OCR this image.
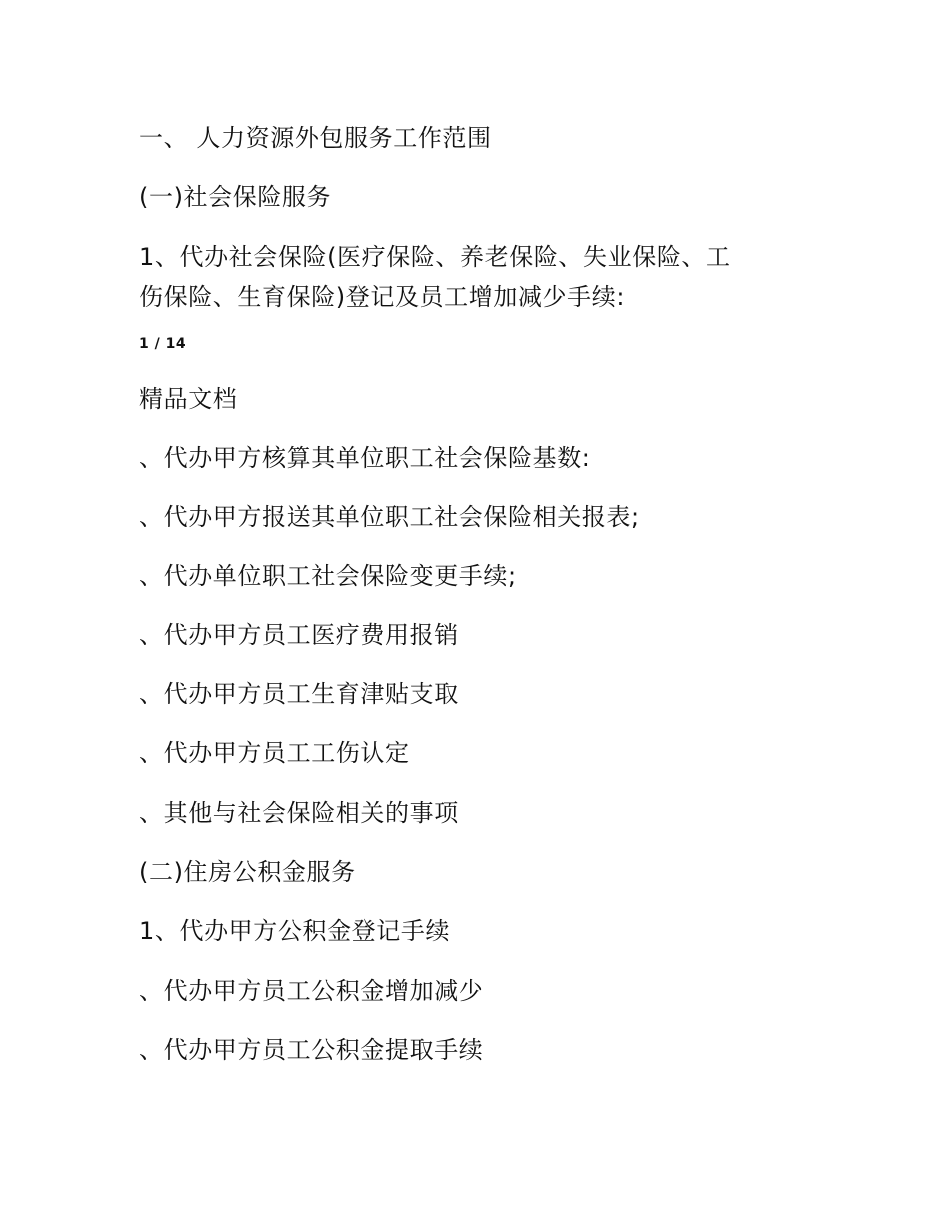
一、 人力资源外包服务工作范围
(一)社会保险服务
1、代办社会保险(医疗保险、养老保险、失业保险、工
伤保险、生育保险)登记及员工增加减少手续:
1 / 14
精品文档
、代办甲方核算其单位职工社会保险基数:
、代办甲方报送其单位职工社会保险相关报表;
、代办单位职工社会保险变更手续;
、代办甲方员工医疗费用报销
、代办甲方员工生育津贴支取
、代办甲方员工工伤认定
、其他与社会保险相关的事项
(二)住房公积金服务
1、代办甲方公积金登记手续
、代办甲方员工公积金增加减少
、代办甲方员工公积金提取手续
